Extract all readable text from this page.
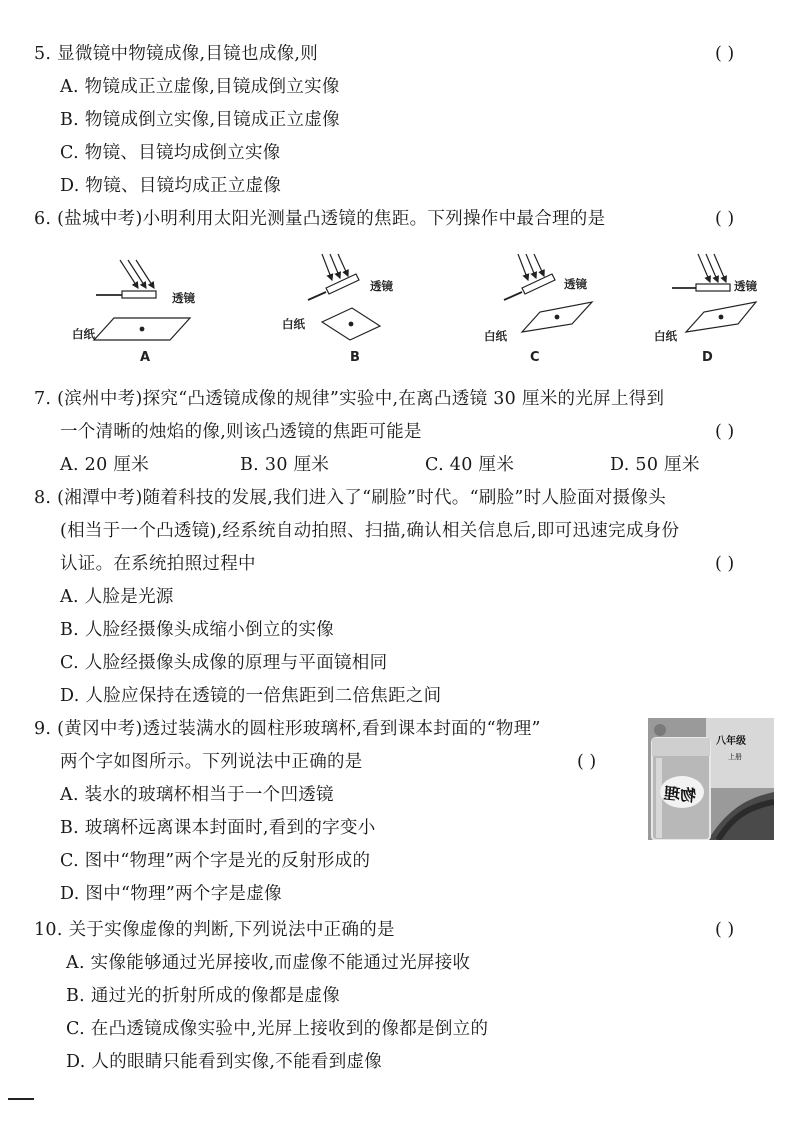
5. 显微镜中物镜成像,目镜也成像,则	( )
A. 物镜成正立虚像,目镜成倒立实像
B. 物镜成倒立实像,目镜成正立虚像
C. 物镜、目镜均成倒立实像
D. 物镜、目镜均成正立虚像
6. (盐城中考)小明利用太阳光测量凸透镜的焦距。下列操作中最合理的是	( )
透镜
白纸
A
透镜
白纸
B
透镜
白纸
C
透镜
白纸
D
7. (滨州中考)探究“凸透镜成像的规律”实验中,在离凸透镜 30 厘米的光屏上得到
一个清晰的烛焰的像,则该凸透镜的焦距可能是	( )
A. 20 厘米	B. 30 厘米	C. 40 厘米	D. 50 厘米
8. (湘潭中考)随着科技的发展,我们进入了“刷脸”时代。“刷脸”时人脸面对摄像头
(相当于一个凸透镜),经系统自动拍照、扫描,确认相关信息后,即可迅速完成身份
认证。在系统拍照过程中	( )
A. 人脸是光源
B. 人脸经摄像头成缩小倒立的实像
C. 人脸经摄像头成像的原理与平面镜相同
D. 人脸应保持在透镜的一倍焦距到二倍焦距之间
9. (黄冈中考)透过装满水的圆柱形玻璃杯,看到课本封面的“物理”
两个字如图所示。下列说法中正确的是	( )
A. 装水的玻璃杯相当于一个凹透镜
B. 玻璃杯远离课本封面时,看到的字变小
C. 图中“物理”两个字是光的反射形成的
D. 图中“物理”两个字是虚像
八年级
上册
物理
10. 关于实像虚像的判断,下列说法中正确的是	( )
A. 实像能够通过光屏接收,而虚像不能通过光屏接收
B. 通过光的折射所成的像都是虚像
C. 在凸透镜成像实验中,光屏上接收到的像都是倒立的
D. 人的眼睛只能看到实像,不能看到虚像
